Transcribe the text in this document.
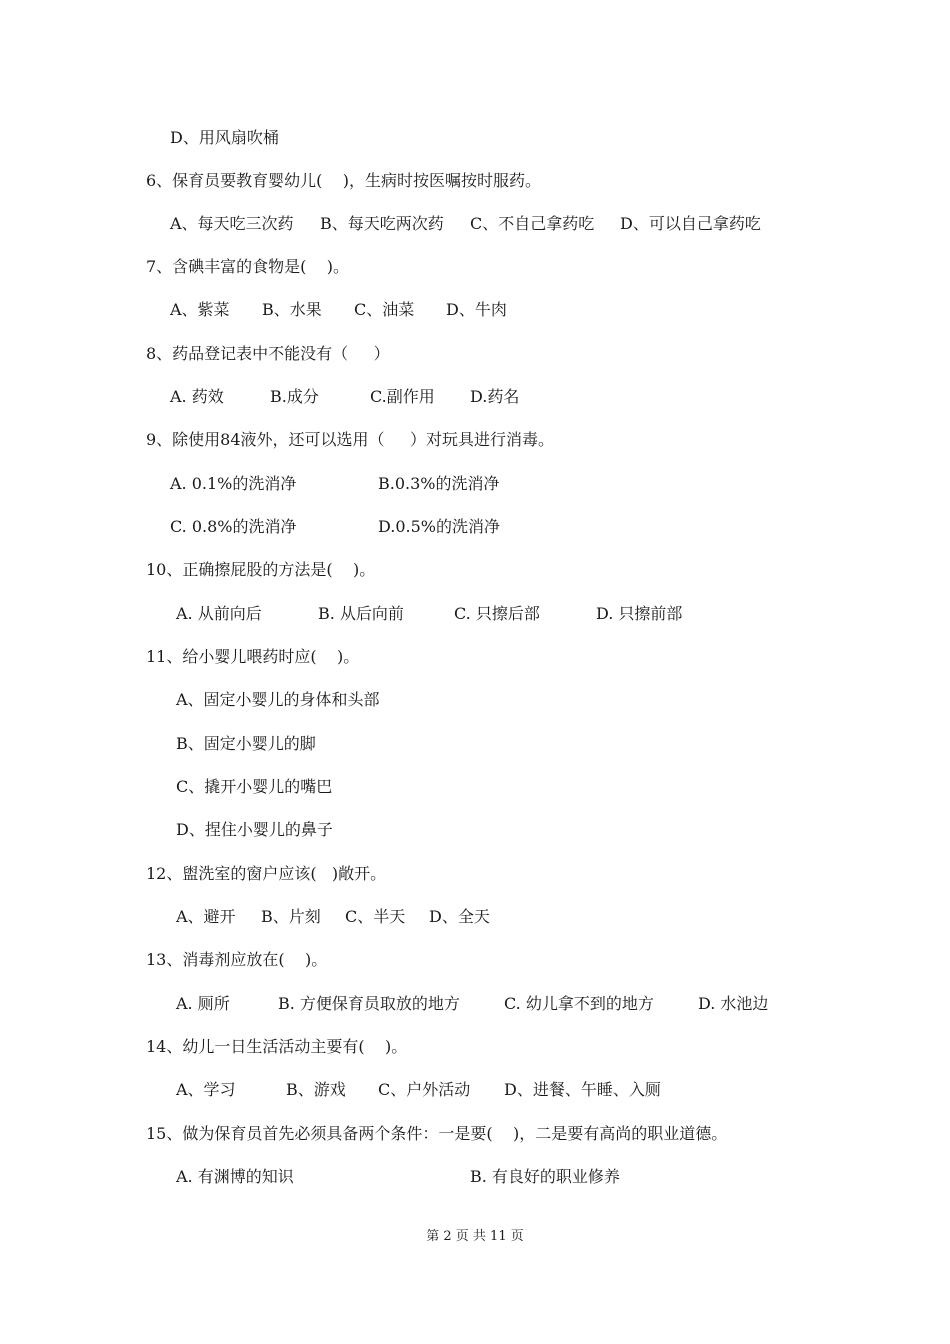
D、用风扇吹桶
6、保育员要教育婴幼儿(    )，生病时按医嘱按时服药。
A、每天吃三次药 B、每天吃两次药 C、不自己拿药吃 D、可以自己拿药吃
7、含碘丰富的食物是(    )。
A、紫菜 B、水果 C、油菜 D、牛肉
8、药品登记表中不能没有（     ）
A. 药效	B.成分	C.副作用 D.药名
9、除使用84液外，还可以选用（     ）对玩具进行消毒。
A. 0.1%的洗消净	B.0.3%的洗消净
C. 0.8%的洗消净	D.0.5%的洗消净
10、正确擦屁股的方法是(    )。
A. 从前向后	B. 从后向前	C. 只擦后部	D. 只擦前部
11、给小婴儿喂药时应(    )。
A、固定小婴儿的身体和头部
B、固定小婴儿的脚
C、撬开小婴儿的嘴巴
D、捏住小婴儿的鼻子
12、盥洗室的窗户应该(   )敞开。
A、避开 B、片刻 C、半天 D、全天
13、消毒剂应放在(    )。
A. 厕所	B. 方便保育员取放的地方	C. 幼儿拿不到的地方	D. 水池边
14、幼儿一日生活活动主要有(    )。
A、学习	B、游戏 C、户外活动 D、进餐、午睡、入厕
15、做为保育员首先必须具备两个条件：一是要(    )，二是要有高尚的职业道德。
A. 有渊博的知识	B. 有良好的职业修养
第 2 页 共 11 页
